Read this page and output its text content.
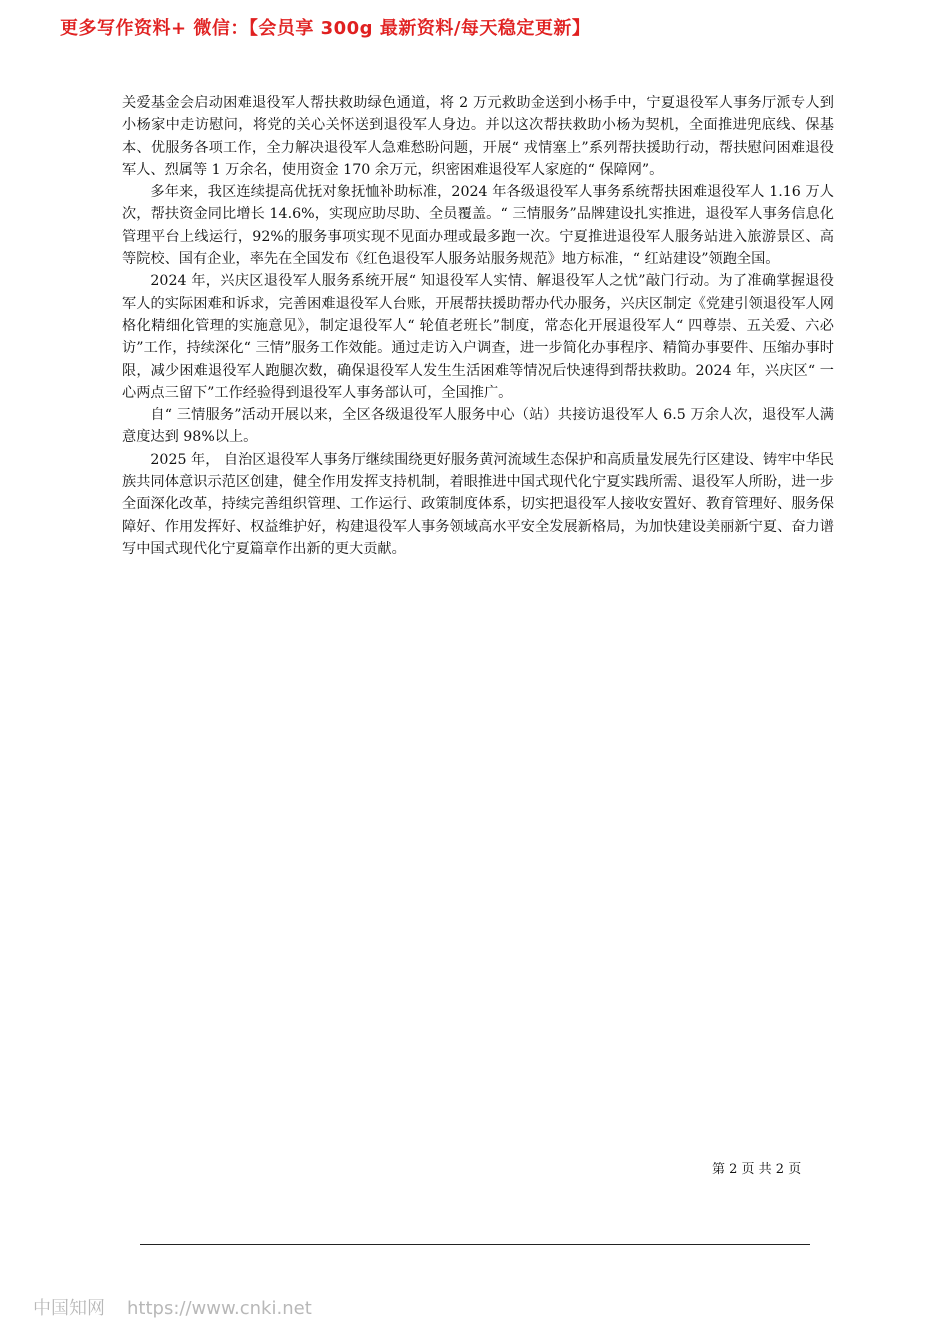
更多写作资料+ 微信：【会员享 300g 最新资料/每天稳定更新】

关爱基金会启动困难退役军人帮扶救助绿色通道，将 2 万元救助金送到小杨手中，宁夏退役军人事务厅派专人到小杨家中走访慰问，将党的关心关怀送到退役军人身边。并以这次帮扶救助小杨为契机，全面推进兜底线、保基本、优服务各项工作，全力解决退役军人急难愁盼问题，开展“ 戎情塞上”系列帮扶援助行动，帮扶慰问困难退役军人、烈属等 1 万余名，使用资金 170 余万元，织密困难退役军人家庭的“ 保障网”。

多年来，我区连续提高优抚对象抚恤补助标准，2024 年各级退役军人事务系统帮扶困难退役军人 1.16 万人次，帮扶资金同比增长 14.6%，实现应助尽助、全员覆盖。“ 三情服务”品牌建设扎实推进，退役军人事务信息化管理平台上线运行，92%的服务事项实现不见面办理或最多跑一次。宁夏推进退役军人服务站进入旅游景区、高等院校、国有企业，率先在全国发布《红色退役军人服务站服务规范》地方标准，“ 红站建设”领跑全国。

2024 年，兴庆区退役军人服务系统开展“ 知退役军人实情、解退役军人之忧”敲门行动。为了准确掌握退役军人的实际困难和诉求，完善困难退役军人台账，开展帮扶援助帮办代办服务，兴庆区制定《党建引领退役军人网格化精细化管理的实施意见》，制定退役军人“ 轮值老班长”制度，常态化开展退役军人“ 四尊崇、五关爱、六必访”工作，持续深化“ 三情”服务工作效能。通过走访入户调查，进一步简化办事程序、精简办事要件、压缩办事时限，减少困难退役军人跑腿次数，确保退役军人发生生活困难等情况后快速得到帮扶救助。2024 年，兴庆区“ 一心两点三留下”工作经验得到退役军人事务部认可，全国推广。

自“ 三情服务”活动开展以来，全区各级退役军人服务中心（站）共接访退役军人 6.5 万余人次，退役军人满意度达到 98%以上。

2025 年， 自治区退役军人事务厅继续围绕更好服务黄河流域生态保护和高质量发展先行区建设、铸牢中华民族共同体意识示范区创建，健全作用发挥支持机制，着眼推进中国式现代化宁夏实践所需、退役军人所盼，进一步全面深化改革，持续完善组织管理、工作运行、政策制度体系，切实把退役军人接收安置好、教育管理好、服务保障好、作用发挥好、权益维护好，构建退役军人事务领域高水平安全发展新格局，为加快建设美丽新宁夏、奋力谱写中国式现代化宁夏篇章作出新的更大贡献。

第 2 页 共 2 页
中国知网 https://www.cnki.net
